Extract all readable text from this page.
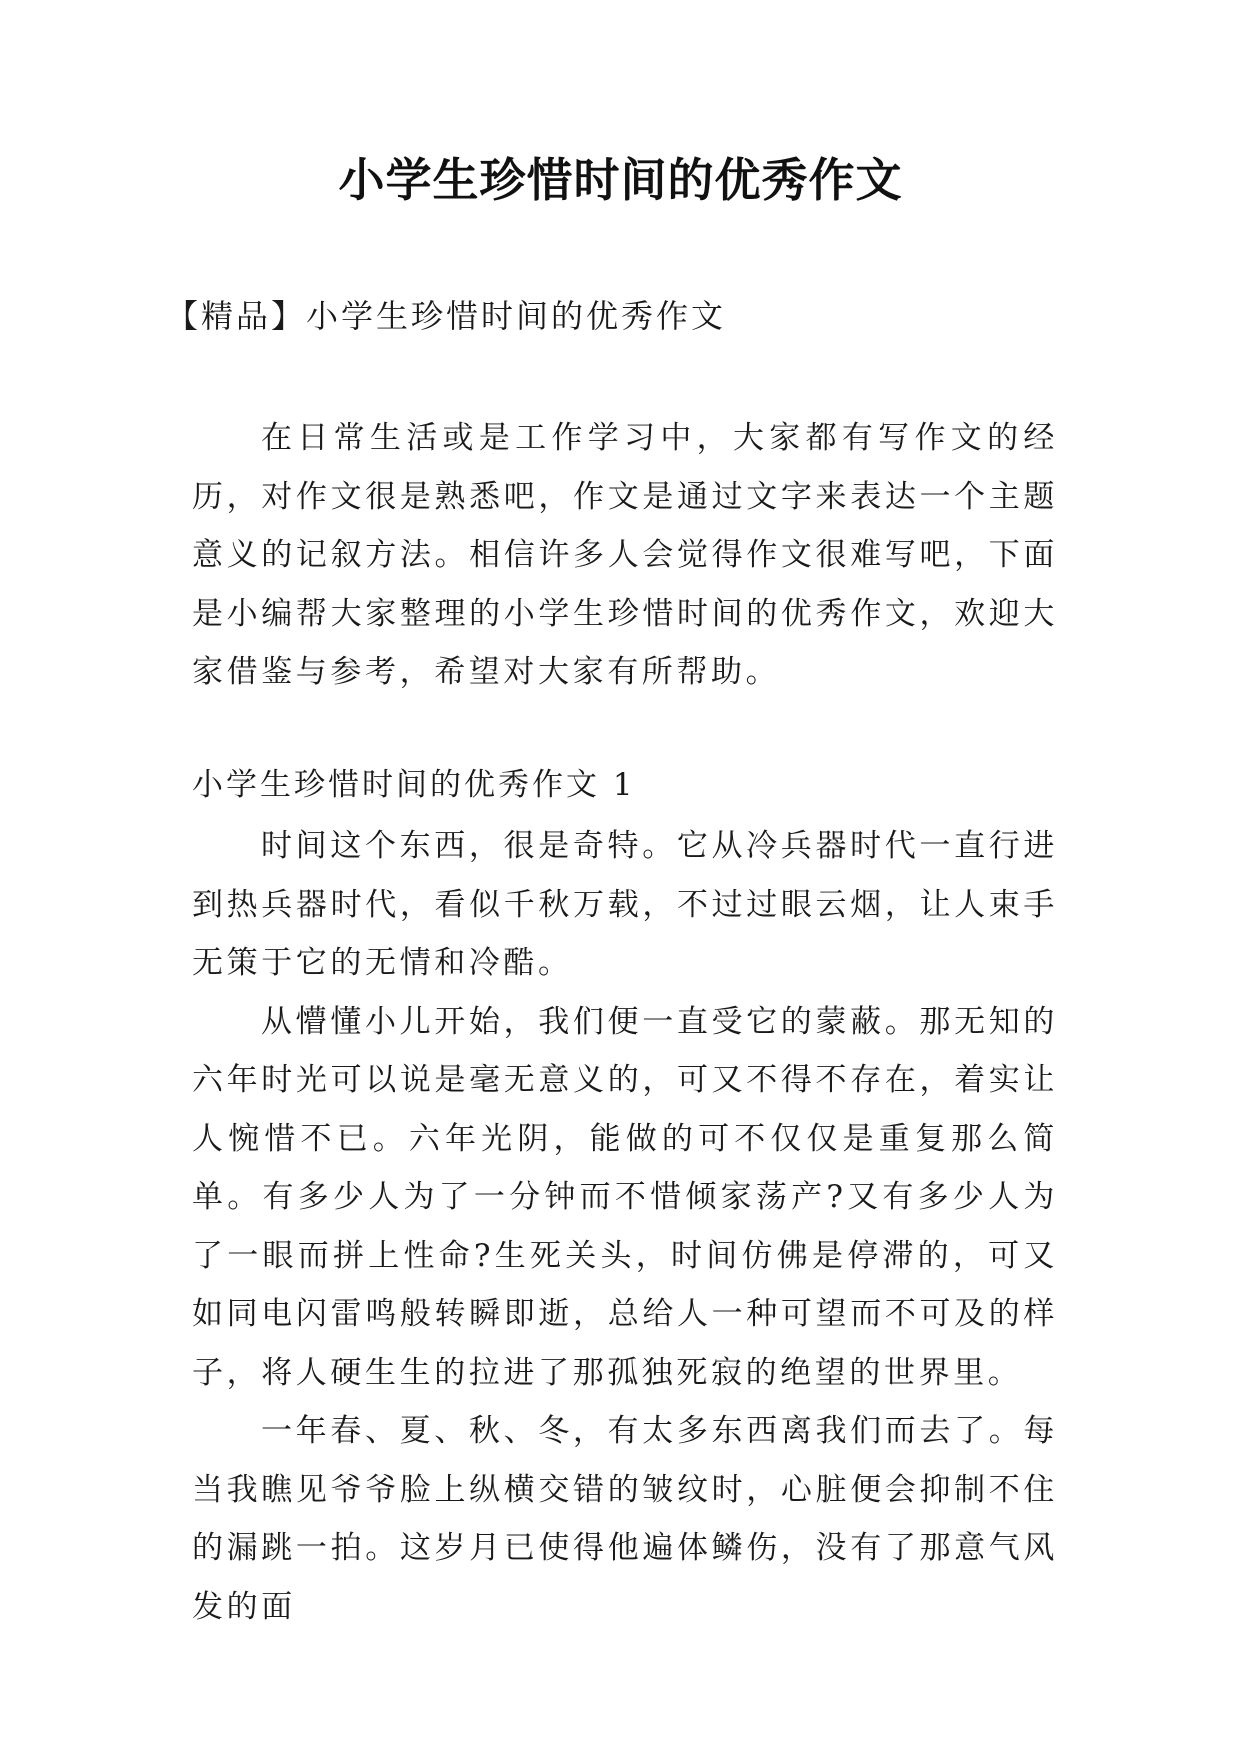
小学生珍惜时间的优秀作文
【精品】小学生珍惜时间的优秀作文

在日常生活或是工作学习中，大家都有写作文的经历，对作文很是熟悉吧，作文是通过文字来表达一个主题意义的记叙方法。相信许多人会觉得作文很难写吧，下面是小编帮大家整理的小学生珍惜时间的优秀作文，欢迎大家借鉴与参考，希望对大家有所帮助。

小学生珍惜时间的优秀作文 1

时间这个东西，很是奇特。它从冷兵器时代一直行进到热兵器时代，看似千秋万载，不过过眼云烟，让人束手无策于它的无情和冷酷。

从懵懂小儿开始，我们便一直受它的蒙蔽。那无知的六年时光可以说是毫无意义的，可又不得不存在，着实让人惋惜不已。六年光阴，能做的可不仅仅是重复那么简单。有多少人为了一分钟而不惜倾家荡产?又有多少人为了一眼而拼上性命?生死关头，时间仿佛是停滞的，可又如同电闪雷鸣般转瞬即逝，总给人一种可望而不可及的样子，将人硬生生的拉进了那孤独死寂的绝望的世界里。

一年春、夏、秋、冬，有太多东西离我们而去了。每当我瞧见爷爷脸上纵横交错的皱纹时，心脏便会抑制不住的漏跳一拍。这岁月已使得他遍体鳞伤，没有了那意气风发的面
